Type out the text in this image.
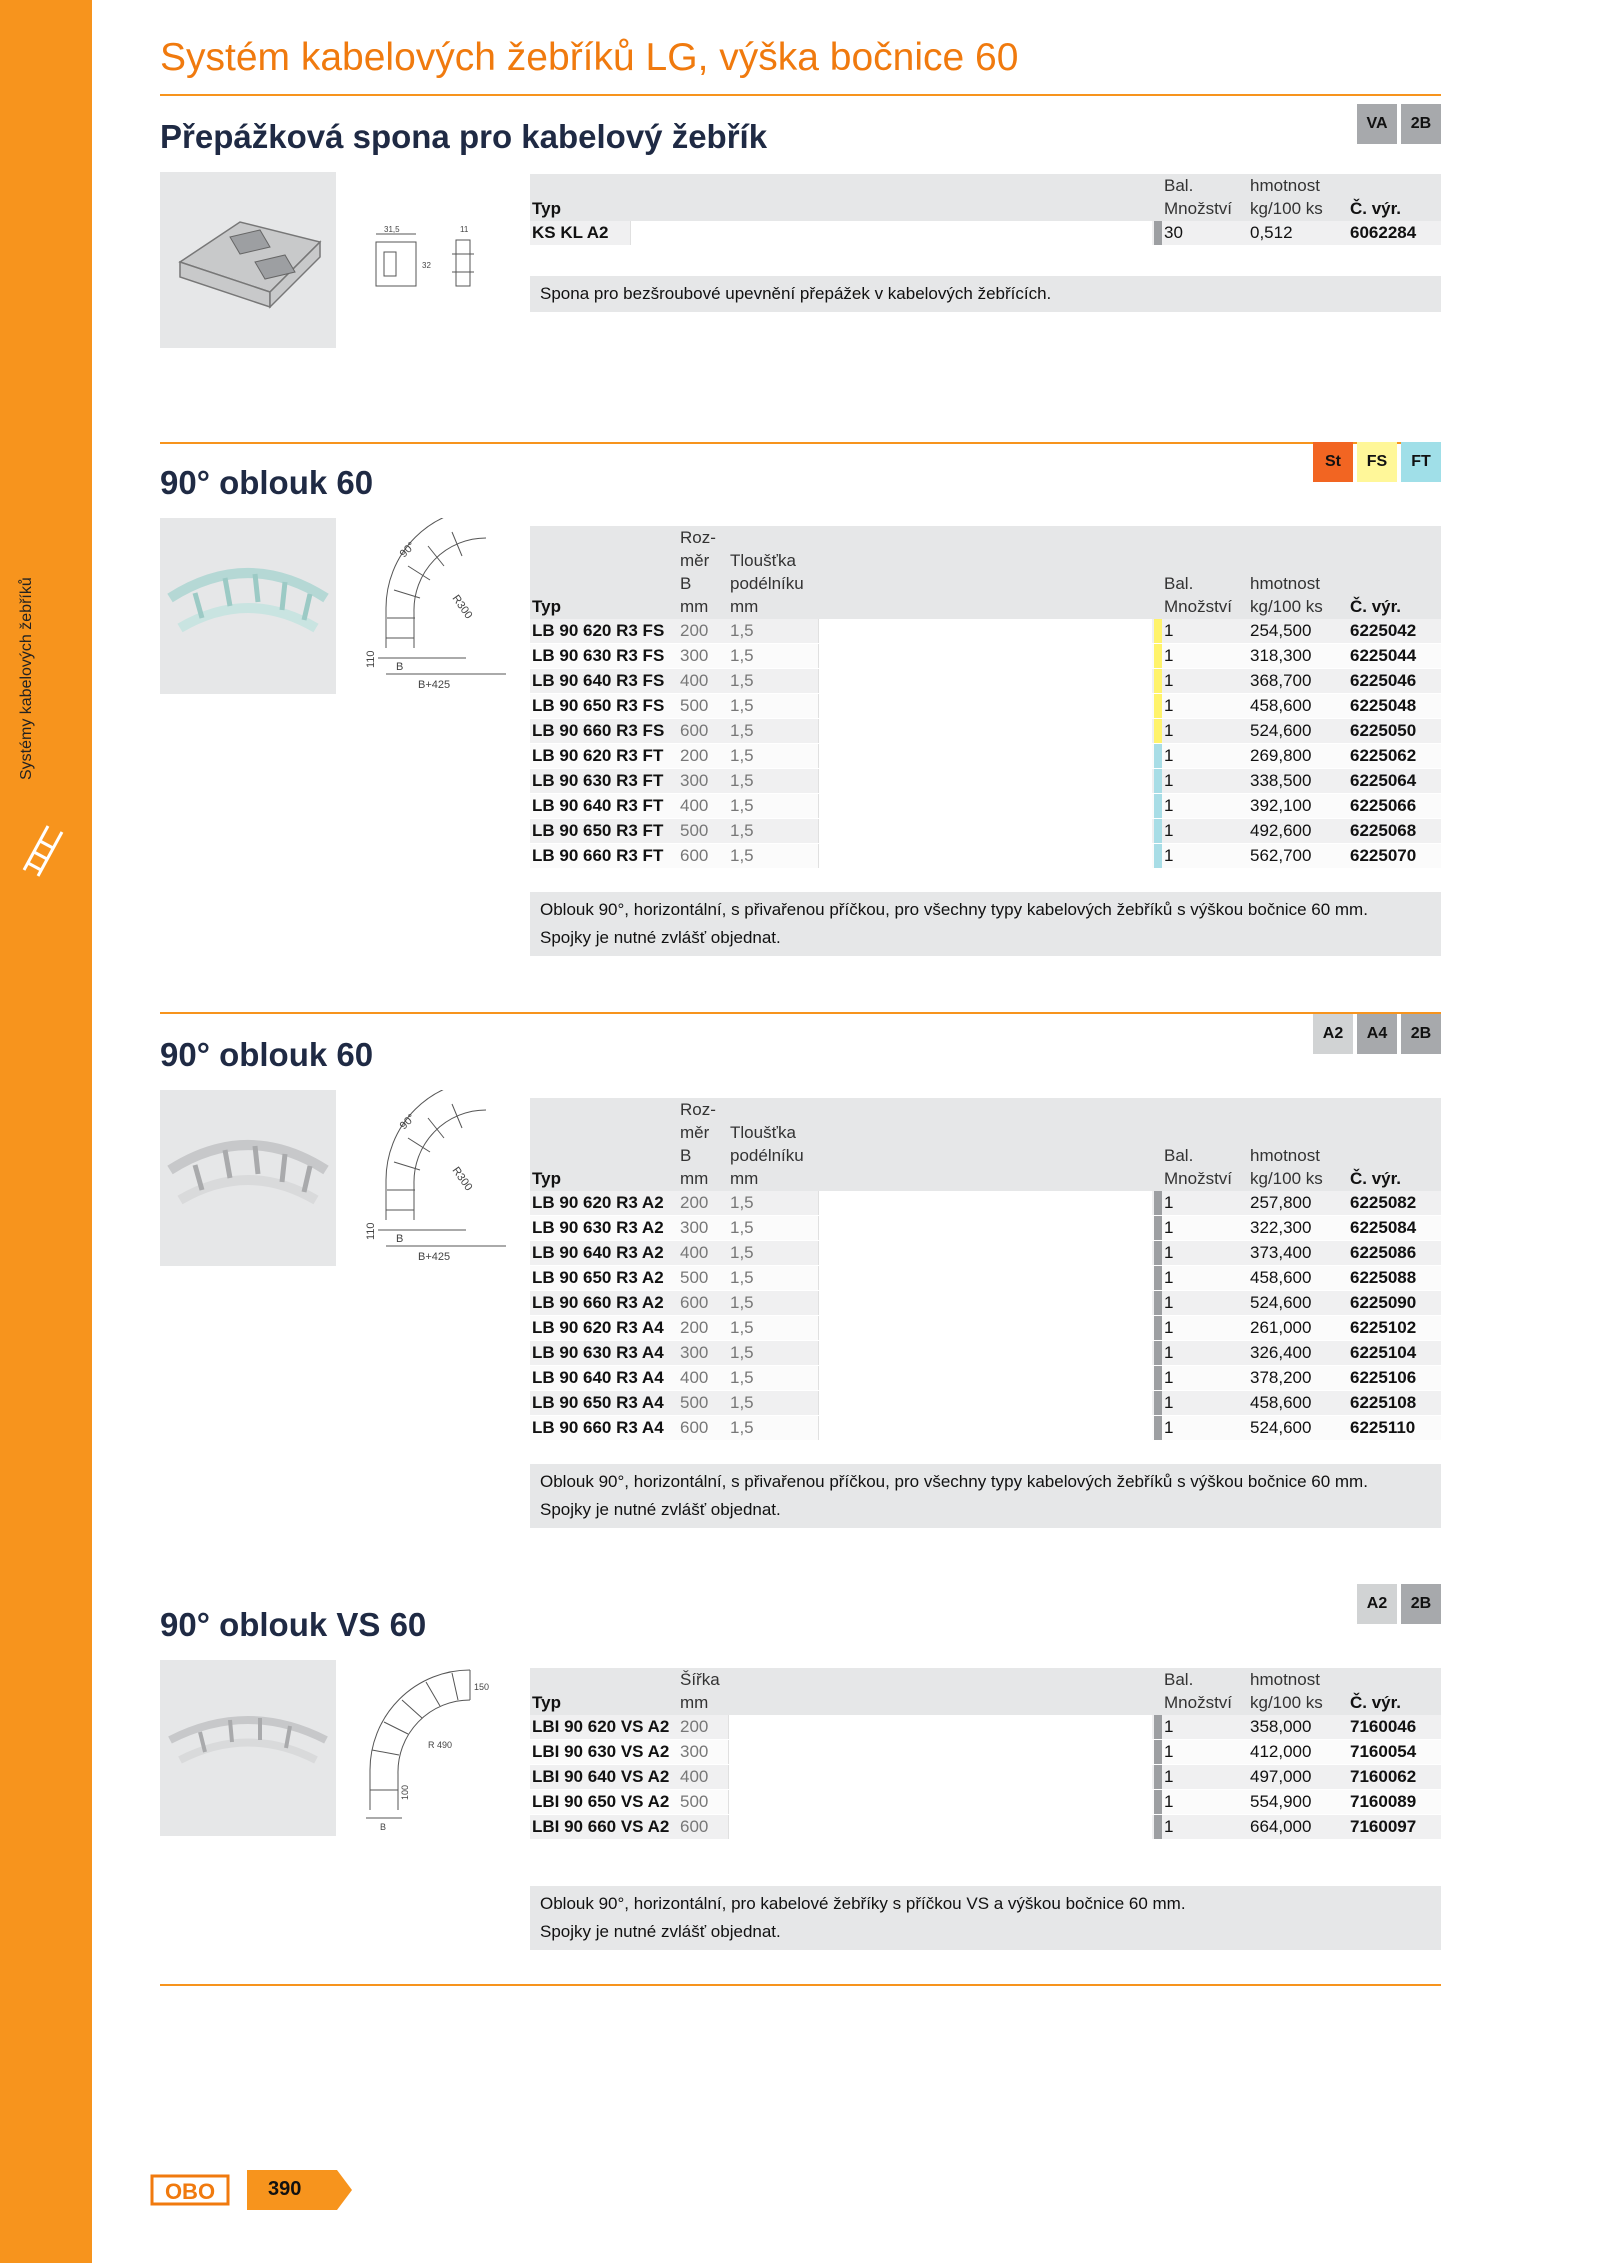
Systémy kabelových žebříků
Systém kabelových žebříků LG, výška bočnice 60
Přepážková spona pro kabelový žebřík	VA	2B
31,5	11
32

Typ			Bal.
Množství	hmotnost
kg/100 ks	Č. výr.
KS KL A2			30	0,512	6062284
Spona pro bezšroubové upevnění přepážek v kabelových žebřících.
90° oblouk 60
St	FS	FT
90°
R300
110 B
B+425

Typ	Roz-
měr
B
mm	Tloušťka
podélníku
mm			Bal.
Množství	hmotnost
kg/100 ks	Č. výr.
LB 90 620 R3 FS	200	1,5			1	254,500	6225042
LB 90 630 R3 FS	300	1,5			1	318,300	6225044
LB 90 640 R3 FS	400	1,5			1	368,700	6225046
LB 90 650 R3 FS	500	1,5			1	458,600	6225048
LB 90 660 R3 FS	600	1,5			1	524,600	6225050
LB 90 620 R3 FT	200	1,5			1	269,800	6225062
LB 90 630 R3 FT	300	1,5			1	338,500	6225064
LB 90 640 R3 FT	400	1,5			1	392,100	6225066
LB 90 650 R3 FT	500	1,5			1	492,600	6225068
LB 90 660 R3 FT	600	1,5			1	562,700	6225070
Oblouk 90°, horizontální, s přivařenou příčkou, pro všechny typy kabelových žebříků s výškou bočnice 60 mm.
Spojky je nutné zvlášť objednat.
90° oblouk 60
A2	A4	2B
90°
R300
110 B
B+425

Typ	Roz-
měr
B
mm	Tloušťka
podélníku
mm			Bal.
Množství	hmotnost
kg/100 ks	Č. výr.
LB 90 620 R3 A2	200	1,5			1	257,800	6225082
LB 90 630 R3 A2	300	1,5			1	322,300	6225084
LB 90 640 R3 A2	400	1,5			1	373,400	6225086
LB 90 650 R3 A2	500	1,5			1	458,600	6225088
LB 90 660 R3 A2	600	1,5			1	524,600	6225090
LB 90 620 R3 A4	200	1,5			1	261,000	6225102
LB 90 630 R3 A4	300	1,5			1	326,400	6225104
LB 90 640 R3 A4	400	1,5			1	378,200	6225106
LB 90 650 R3 A4	500	1,5			1	458,600	6225108
LB 90 660 R3 A4	600	1,5			1	524,600	6225110
Oblouk 90°, horizontální, s přivařenou příčkou, pro všechny typy kabelových žebříků s výškou bočnice 60 mm.
Spojky je nutné zvlášť objednat.
90° oblouk VS 60
A2	2B
150
R 490
100
B

Typ	Šířka
mm			Bal.
Množství	hmotnost
kg/100 ks	Č. výr.
LBI 90 620 VS A2	200			1	358,000	7160046
LBI 90 630 VS A2	300			1	412,000	7160054
LBI 90 640 VS A2	400			1	497,000	7160062
LBI 90 650 VS A2	500			1	554,900	7160089
LBI 90 660 VS A2	600			1	664,000	7160097
Oblouk 90°, horizontální, pro kabelové žebříky s příčkou VS a výškou bočnice 60 mm.
Spojky je nutné zvlášť objednat.
OBO	390
